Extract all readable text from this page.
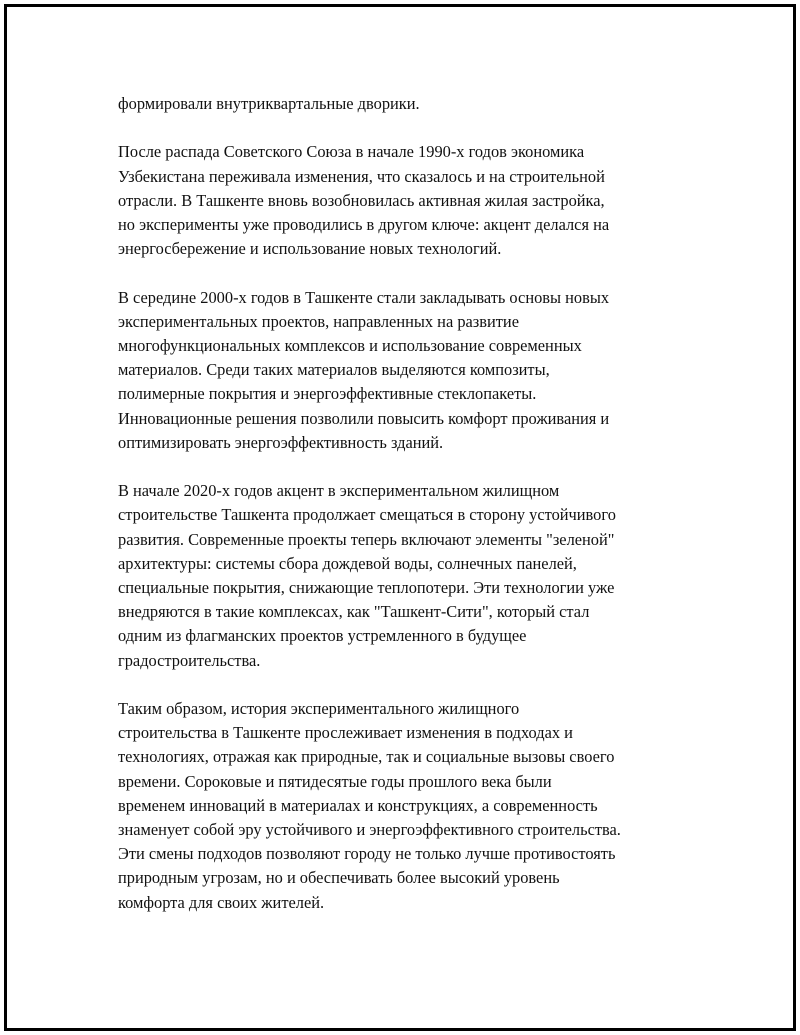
формировали внутриквартальные дворики.

После распада Советского Союза в начале 1990-х годов экономика
Узбекистана переживала изменения, что сказалось и на строительной
отрасли. В Ташкенте вновь возобновилась активная жилая застройка,
но эксперименты уже проводились в другом ключе: акцент делался на
энергосбережение и использование новых технологий.

В середине 2000-х годов в Ташкенте стали закладывать основы новых
экспериментальных проектов, направленных на развитие
многофункциональных комплексов и использование современных
материалов. Среди таких материалов выделяются композиты,
полимерные покрытия и энергоэффективные стеклопакеты.
Инновационные решения позволили повысить комфорт проживания и
оптимизировать энергоэффективность зданий.

В начале 2020-х годов акцент в экспериментальном жилищном
строительстве Ташкента продолжает смещаться в сторону устойчивого
развития. Современные проекты теперь включают элементы "зеленой"
архитектуры: системы сбора дождевой воды, солнечных панелей,
специальные покрытия, снижающие теплопотери. Эти технологии уже
внедряются в такие комплексах, как "Ташкент-Сити", который стал
одним из флагманских проектов устремленного в будущее
градостроительства.

Таким образом, история экспериментального жилищного
строительства в Ташкенте прослеживает изменения в подходах и
технологиях, отражая как природные, так и социальные вызовы своего
времени. Сороковые и пятидесятые годы прошлого века были
временем инноваций в материалах и конструкциях, а современность
знаменует собой эру устойчивого и энергоэффективного строительства.
Эти смены подходов позволяют городу не только лучше противостоять
природным угрозам, но и обеспечивать более высокий уровень
комфорта для своих жителей.
